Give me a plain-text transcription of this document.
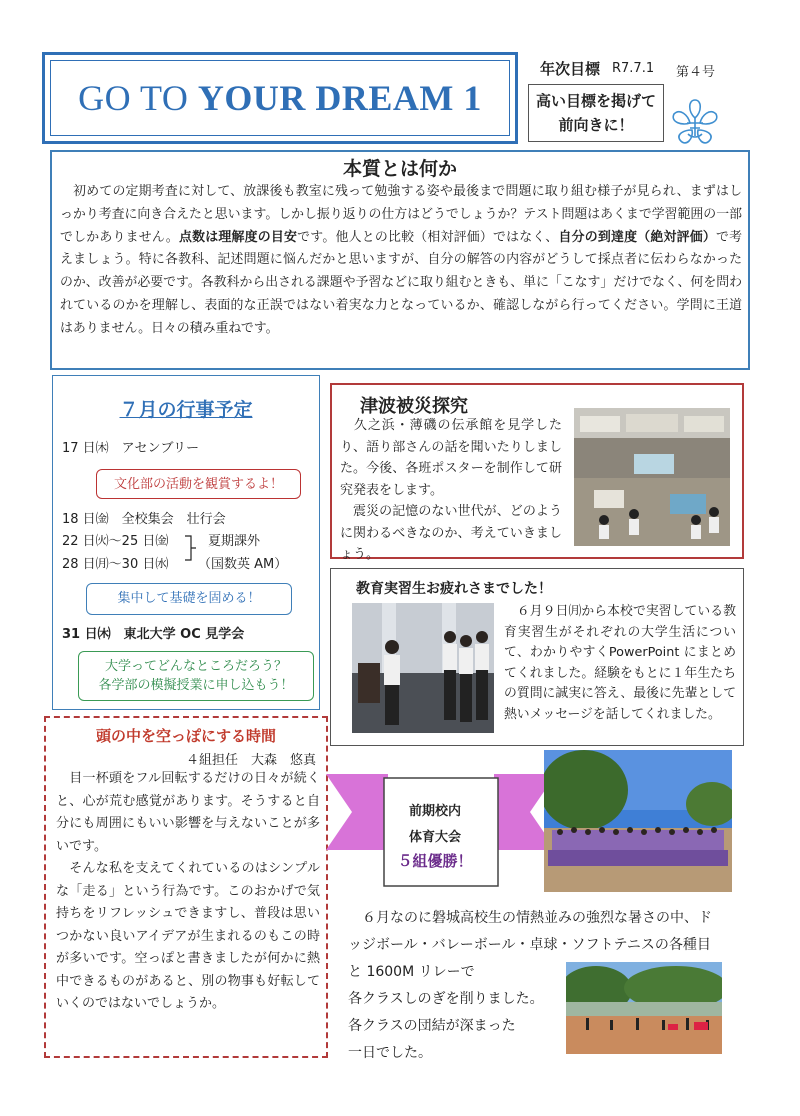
GO TO YOUR DREAM 1
年次目標 R7.7.1 第４号
高い目標を掲げて
前向きに！
本質とは何か
　初めての定期考査に対して、放課後も教室に残って勉強する姿や最後まで問題に取り組む様子が見られ、まずはしっかり考査に向き合えたと思います。しかし振り返りの仕方はどうでしょうか？テスト問題はあくまで学習範囲の一部でしかありません。点数は理解度の目安です。他人との比較（相対評価）ではなく、自分の到達度（絶対評価）で考えましょう。特に各教科、記述問題に悩んだかと思いますが、自分の解答の内容がどうして採点者に伝わらなかったのか、改善が必要です。各教科から出される課題や予習などに取り組むときも、単に「こなす」だけでなく、何を問われているのかを理解し、表面的な正誤ではない着実な力となっているか、確認しながら行ってください。学問に王道はありません。日々の積み重ねです。
７月の行事予定
17 日㈭　アセンブリー
文化部の活動を観賞するよ！
18 日㈮　全校集会　壮行会
22 日㈫～25 日㈮	夏期課外
28 日㈪～30 日㈬ （国数英 AM）
集中して基礎を固める！
31 日㈭　東北大学 OC 見学会
大学ってどんなところだろう？
各学部の模擬授業に申し込もう！
津波被災探究
　久之浜・薄磯の伝承館を見学したり、語り部さんの話を聞いたりしました。今後、各班ポスターを制作して研究発表をします。
　震災の記憶のない世代が、どのように関わるべきなのか、考えていきましょう。
教育実習生お疲れさまでした！
　６月９日㈪から本校で実習している教育実習生がそれぞれの大学生活について、わかりやすくPowerPoint にまとめてくれました。経験をもとに１年生たちの質問に誠実に答え、最後に先輩として熱いメッセージを話してくれました。
頭の中を空っぽにする時間
４組担任　大森　悠真
　目一杯頭をフル回転するだけの日々が続くと、心が荒む感覚があります。そうすると自分にも周囲にもいい影響を与えないことが多いです。
　そんな私を支えてくれているのはシンプルな「走る」という行為です。このおかげで気持ちをリフレッシュできますし、普段は思いつかない良いアイデアが生まれるのもこの時が多いです。空っぽと書きましたが何かに熱中できるものがあると、別の物事も好転していくのではないでしょうか。
前期校内
体育大会
５組優勝！
　６月なのに磐城高校生の情熱並みの強烈な暑さの中、ドッジボール・バレーボール・卓球・ソフトテニスの各種目と 1600M リレーで
各クラスしのぎを削りました。
各クラスの団結が深まった
一日でした。
